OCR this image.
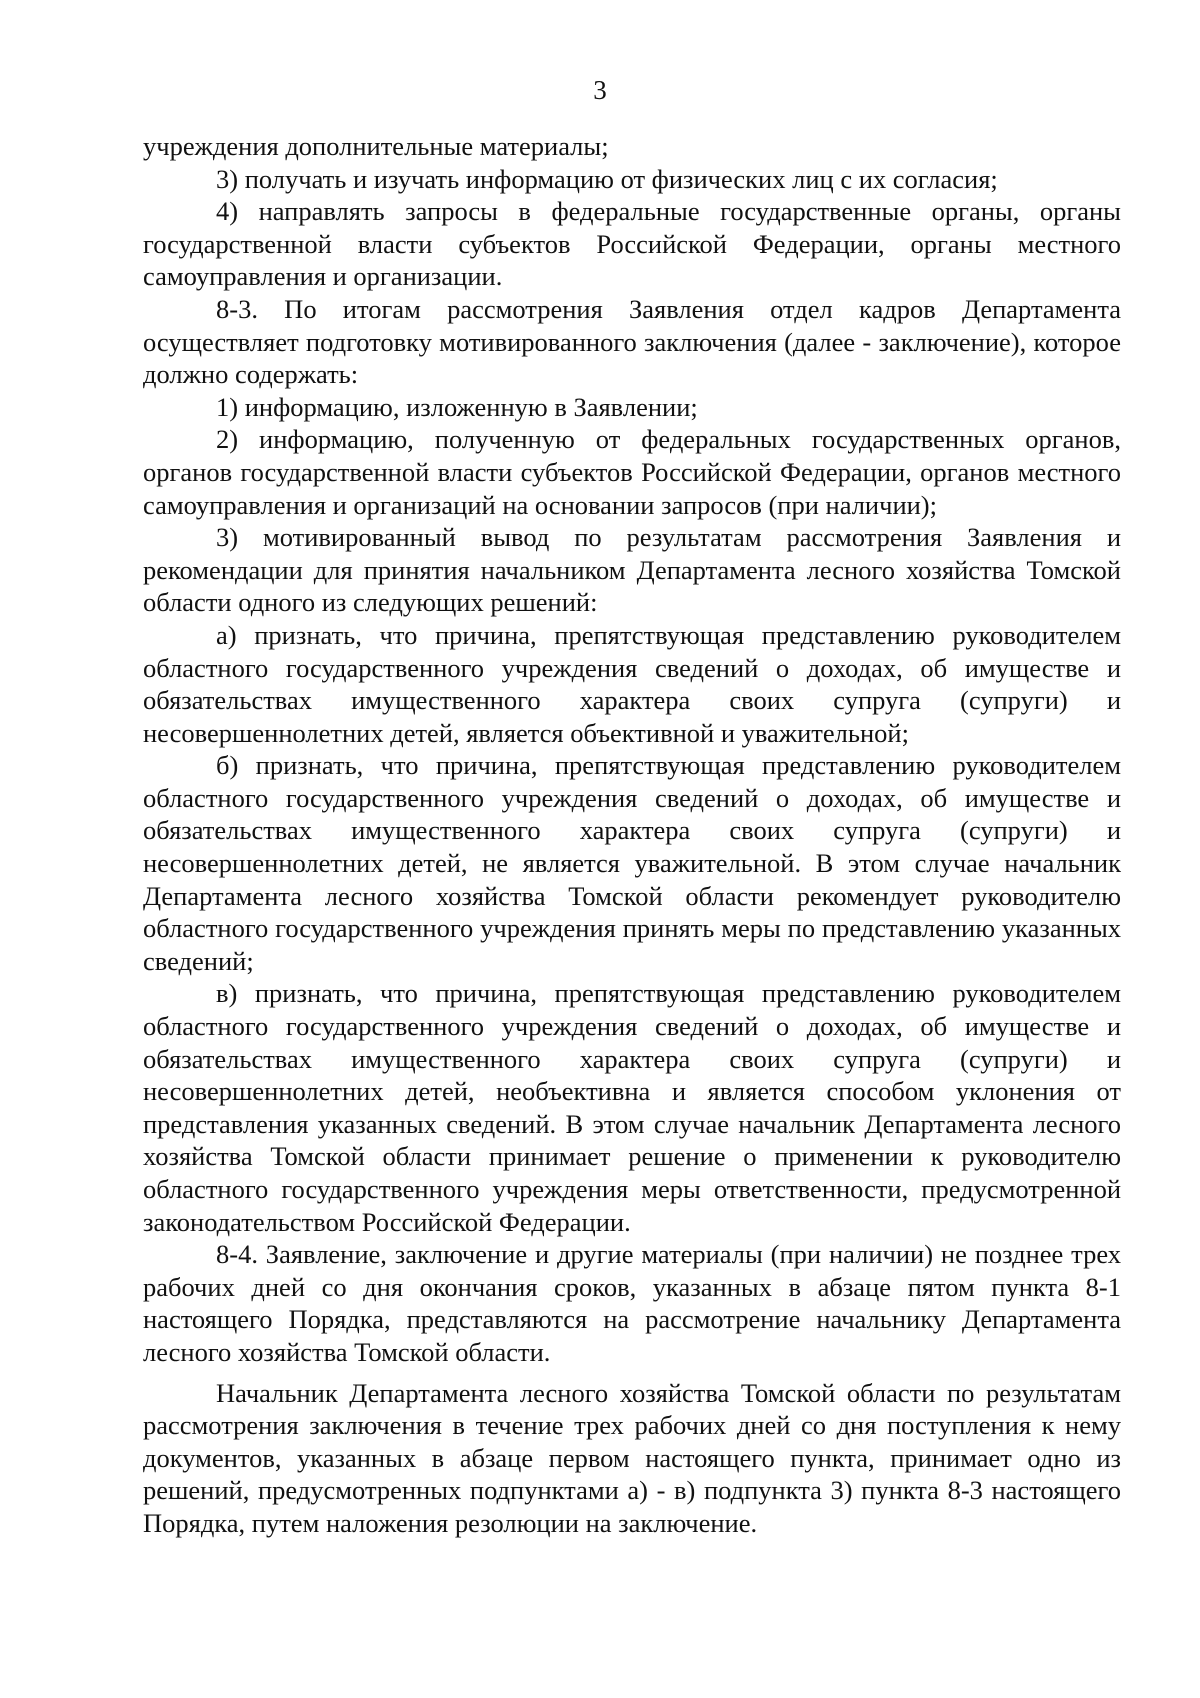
3

учреждения дополнительные материалы;

3) получать и изучать информацию от физических лиц с их согласия;

4) направлять запросы в федеральные государственные органы, органы государственной власти субъектов Российской Федерации, органы местного самоуправления и организации.

8-3. По итогам рассмотрения Заявления отдел кадров Департамента осуществляет подготовку мотивированного заключения (далее - заключение), которое должно содержать:

1) информацию, изложенную в Заявлении;

2) информацию, полученную от федеральных государственных органов, органов государственной власти субъектов Российской Федерации, органов местного самоуправления и организаций на основании запросов (при наличии);

3) мотивированный вывод по результатам рассмотрения Заявления и рекомендации для принятия начальником Департамента лесного хозяйства Томской области одного из следующих решений:

а) признать, что причина, препятствующая представлению руководителем областного государственного учреждения сведений о доходах, об имуществе и обязательствах имущественного характера своих супруга (супруги) и несовершеннолетних детей, является объективной и уважительной;

б) признать, что причина, препятствующая представлению руководителем областного государственного учреждения сведений о доходах, об имуществе и обязательствах имущественного характера своих супруга (супруги) и несовершеннолетних детей, не является уважительной. В этом случае начальник Департамента лесного хозяйства Томской области рекомендует руководителю областного государственного учреждения принять меры по представлению указанных сведений;

в) признать, что причина, препятствующая представлению руководителем областного государственного учреждения сведений о доходах, об имуществе и обязательствах имущественного характера своих супруга (супруги) и несовершеннолетних детей, необъективна и является способом уклонения от представления указанных сведений. В этом случае начальник Департамента лесного хозяйства Томской области принимает решение о применении к руководителю областного государственного учреждения меры ответственности, предусмотренной законодательством Российской Федерации.

8-4. Заявление, заключение и другие материалы (при наличии) не позднее трех рабочих дней со дня окончания сроков, указанных в абзаце пятом пункта 8-1 настоящего Порядка, представляются на рассмотрение начальнику Департамента лесного хозяйства Томской области.

Начальник Департамента лесного хозяйства Томской области по результатам рассмотрения заключения в течение трех рабочих дней со дня поступления к нему документов, указанных в абзаце первом настоящего пункта, принимает одно из решений, предусмотренных подпунктами а) - в) подпункта 3) пункта 8-3 настоящего Порядка, путем наложения резолюции на заключение.
